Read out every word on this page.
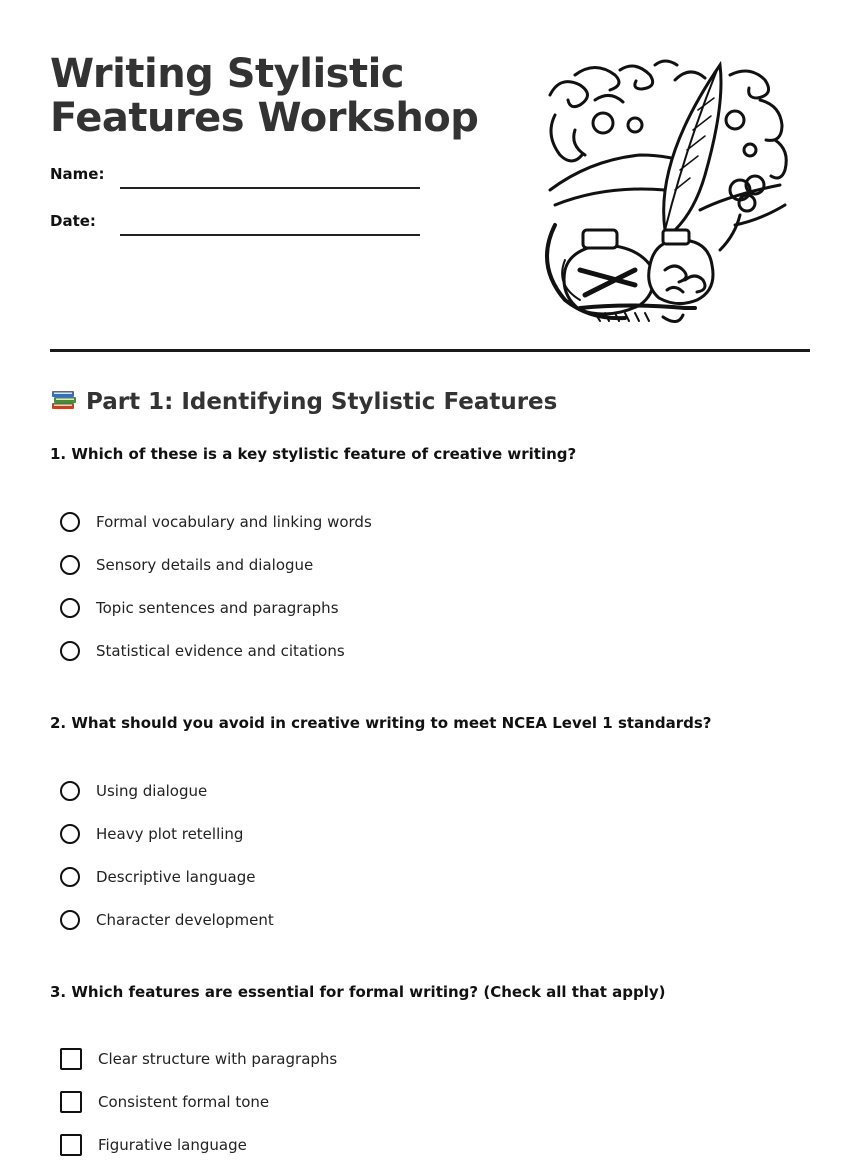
Writing Stylistic
Features Workshop
Name:
Date:
Part 1: Identifying Stylistic Features

1. Which of these is a key stylistic feature of creative writing?

Formal vocabulary and linking words
Sensory details and dialogue
Topic sentences and paragraphs
Statistical evidence and citations

2. What should you avoid in creative writing to meet NCEA Level 1 standards?

Using dialogue
Heavy plot retelling
Descriptive language
Character development

3. Which features are essential for formal writing? (Check all that apply)

Clear structure with paragraphs
Consistent formal tone
Figurative language
